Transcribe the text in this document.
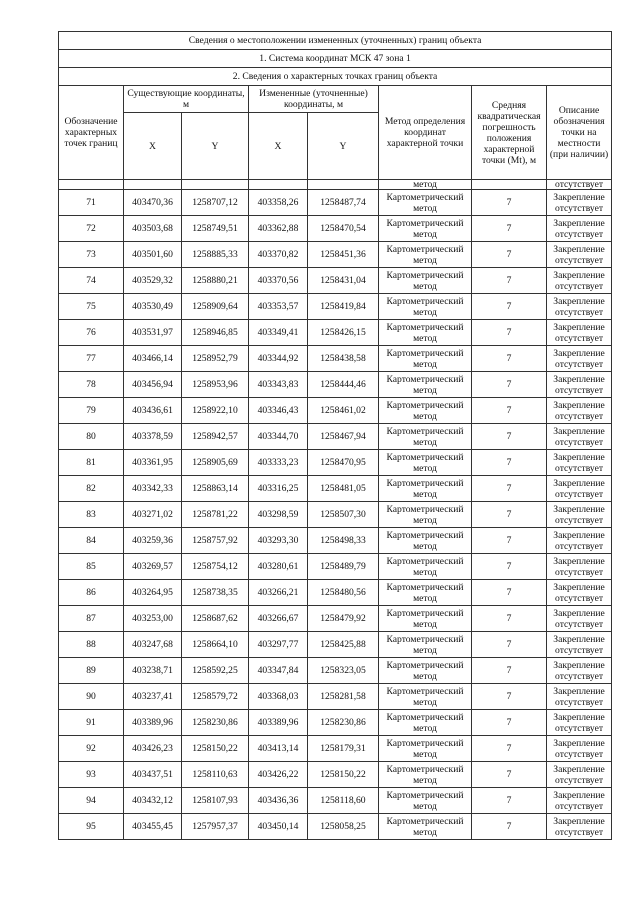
Сведения о местоположении измененных (уточненных) границ объекта							
1. Система координат МСК 47 зона 1							
2. Сведения о характерных точках границ объекта							
Обозначение характерных точек границ	Существующие координаты, м		Измененные (уточненные) координаты, м		Метод определения координат характерной точки	Средняя квадратическая погрешность положения характерной точки (Mt), м	Описание обозначения точки на местности (при наличии)
	X	Y	X	Y			
					метод		отсутствует
71	403470,36	1258707,12	403358,26	1258487,74	Картометрический метод	7	Закрепление отсутствует
72	403503,68	1258749,51	403362,88	1258470,54	Картометрический метод	7	Закрепление отсутствует
73	403501,60	1258885,33	403370,82	1258451,36	Картометрический метод	7	Закрепление отсутствует
74	403529,32	1258880,21	403370,56	1258431,04	Картометрический метод	7	Закрепление отсутствует
75	403530,49	1258909,64	403353,57	1258419,84	Картометрический метод	7	Закрепление отсутствует
76	403531,97	1258946,85	403349,41	1258426,15	Картометрический метод	7	Закрепление отсутствует
77	403466,14	1258952,79	403344,92	1258438,58	Картометрический метод	7	Закрепление отсутствует
78	403456,94	1258953,96	403343,83	1258444,46	Картометрический метод	7	Закрепление отсутствует
79	403436,61	1258922,10	403346,43	1258461,02	Картометрический метод	7	Закрепление отсутствует
80	403378,59	1258942,57	403344,70	1258467,94	Картометрический метод	7	Закрепление отсутствует
81	403361,95	1258905,69	403333,23	1258470,95	Картометрический метод	7	Закрепление отсутствует
82	403342,33	1258863,14	403316,25	1258481,05	Картометрический метод	7	Закрепление отсутствует
83	403271,02	1258781,22	403298,59	1258507,30	Картометрический метод	7	Закрепление отсутствует
84	403259,36	1258757,92	403293,30	1258498,33	Картометрический метод	7	Закрепление отсутствует
85	403269,57	1258754,12	403280,61	1258489,79	Картометрический метод	7	Закрепление отсутствует
86	403264,95	1258738,35	403266,21	1258480,56	Картометрический метод	7	Закрепление отсутствует
87	403253,00	1258687,62	403266,67	1258479,92	Картометрический метод	7	Закрепление отсутствует
88	403247,68	1258664,10	403297,77	1258425,88	Картометрический метод	7	Закрепление отсутствует
89	403238,71	1258592,25	403347,84	1258323,05	Картометрический метод	7	Закрепление отсутствует
90	403237,41	1258579,72	403368,03	1258281,58	Картометрический метод	7	Закрепление отсутствует
91	403389,96	1258230,86	403389,96	1258230,86	Картометрический метод	7	Закрепление отсутствует
92	403426,23	1258150,22	403413,14	1258179,31	Картометрический метод	7	Закрепление отсутствует
93	403437,51	1258110,63	403426,22	1258150,22	Картометрический метод	7	Закрепление отсутствует
94	403432,12	1258107,93	403436,36	1258118,60	Картометрический метод	7	Закрепление отсутствует
95	403455,45	1257957,37	403450,14	1258058,25	Картометрический метод	7	Закрепление отсутствует
